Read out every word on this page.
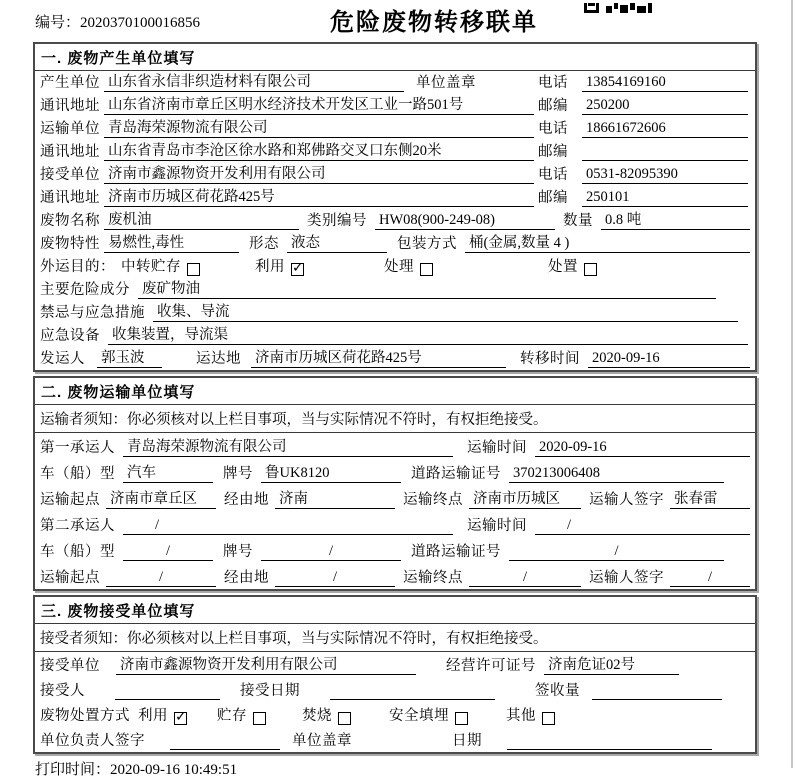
编号：2020370100016856	危险废物转移联单
一. 废物产生单位填写
产生单位 山东省永信非织造材料有限公司	单位盖章	电话 13854169160
通讯地址 山东省济南市章丘区明水经济技术开发区工业一路501号	邮编 250200
运输单位 青岛海荣源物流有限公司	电话 18661672606
通讯地址 山东省青岛市李沧区徐水路和郑佛路交叉口东侧20米	邮编
接受单位 济南市鑫源物资开发利用有限公司	电话 0531-82095390
通讯地址 济南市历城区荷花路425号	邮编 250101
废物名称 废机油	类别编号 HW08(900-249-08)	数量 0.8 吨
废物特性 易燃性,毒性	形态 液态	包装方式 桶(金属,数量 4 )
外运目的： 中转贮存	利用 ✓	处理	处置
主要危险成分 废矿物油
禁忌与应急措施 收集、导流
应急设备 收集装置，导流渠
发运人 郭玉波	运达地 济南市历城区荷花路425号	转移时间 2020-09-16
二. 废物运输单位填写
运输者须知：你必须核对以上栏目事项，当与实际情况不符时，有权拒绝接受。
第一承运人 青岛海荣源物流有限公司	运输时间 2020-09-16
车（船）型 汽车	牌号 鲁UK8120	道路运输证号 370213006408
运输起点 济南市章丘区	经由地 济南	运输终点 济南市历城区	运输人签字 张春雷
第二承运人	/	运输时间	/
车（船）型	/	牌号	/	道路运输证号	/
运输起点	/	经由地	/	运输终点	/	运输人签字	/
三. 废物接受单位填写
接受者须知：你必须核对以上栏目事项，当与实际情况不符时，有权拒绝接受。
接受单位 济南市鑫源物资开发利用有限公司	经营许可证号 济南危证02号
接受人	接受日期	签收量
废物处置方式 利用 ✓ 贮存	焚烧	安全填埋	其他
单位负责人签字	单位盖章	日期
打印时间：2020-09-16 10:49:51
